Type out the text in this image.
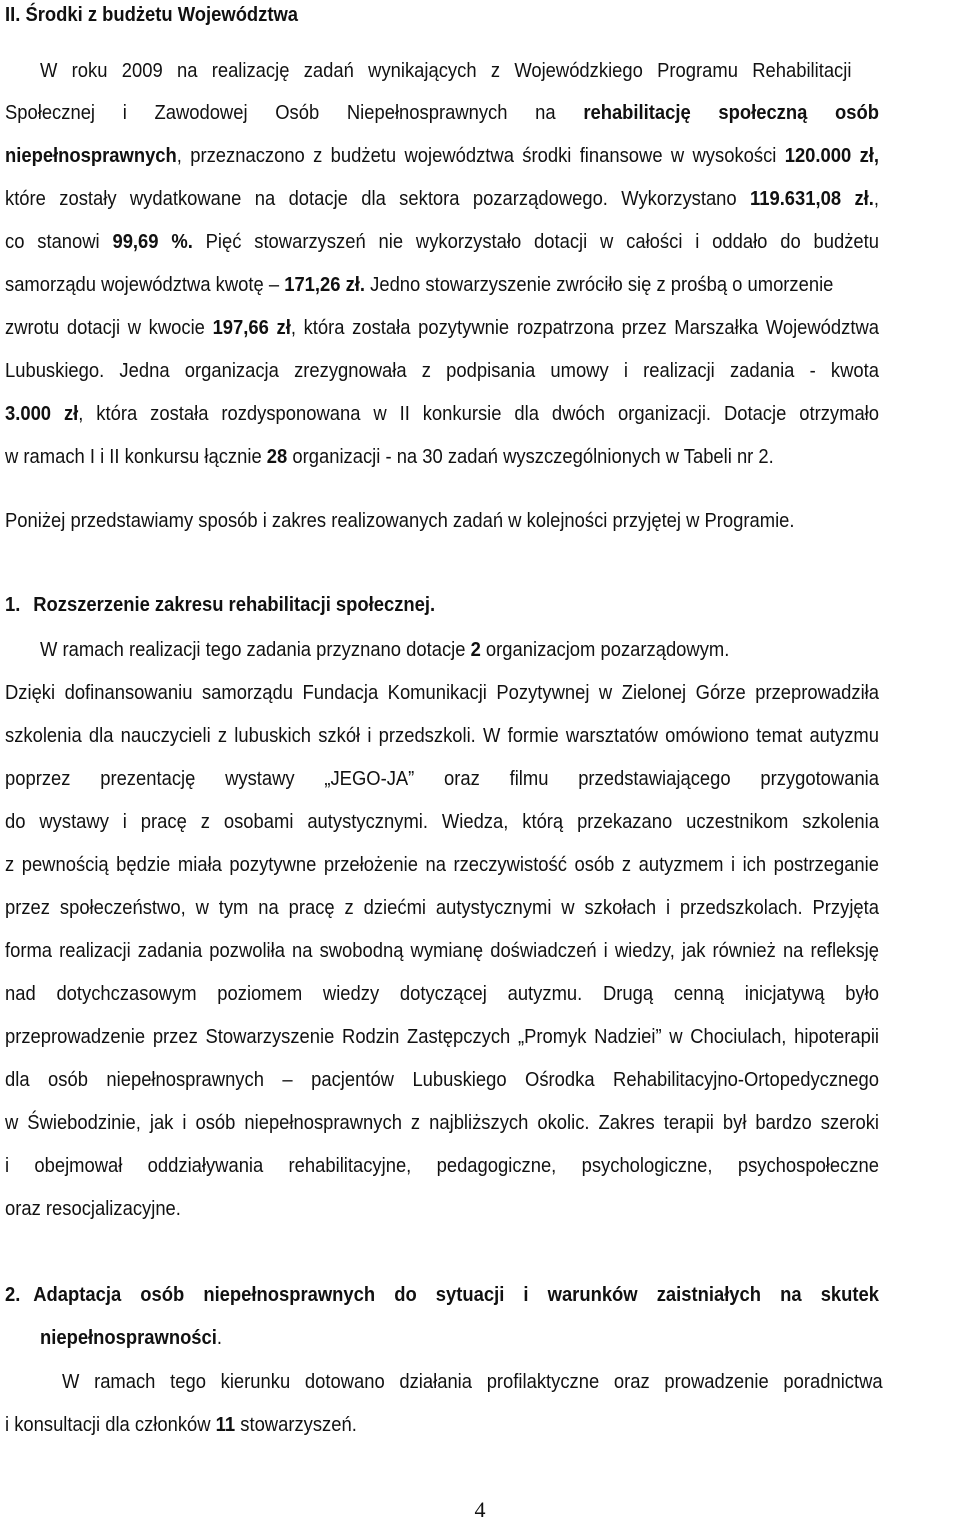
II. Środki z budżetu Województwa
W roku 2009 na realizację zadań wynikających z Wojewódzkiego Programu Rehabilitacji
Społecznej i Zawodowej Osób Niepełnosprawnych na rehabilitację społeczną osób
niepełnosprawnych, przeznaczono z budżetu województwa środki finansowe w wysokości 120.000 zł,
które zostały wydatkowane na dotacje dla sektora pozarządowego. Wykorzystano 119.631,08 zł.,
co stanowi 99,69 %. Pięć stowarzyszeń nie wykorzystało dotacji w całości i oddało do budżetu
samorządu województwa kwotę – 171,26 zł. Jedno stowarzyszenie zwróciło się z prośbą o umorzenie
zwrotu dotacji w kwocie 197,66 zł, która została pozytywnie rozpatrzona przez Marszałka Województwa
Lubuskiego. Jedna organizacja zrezygnowała z podpisania umowy i realizacji zadania - kwota
3.000 zł, która została rozdysponowana w II konkursie dla dwóch organizacji. Dotacje otrzymało
w ramach I i II konkursu łącznie 28 organizacji - na 30 zadań wyszczególnionych w Tabeli nr 2.
Poniżej przedstawiamy sposób i zakres realizowanych zadań w kolejności przyjętej w Programie.
1. Rozszerzenie zakresu rehabilitacji społecznej.
W ramach realizacji tego zadania przyznano dotacje 2 organizacjom pozarządowym.
Dzięki dofinansowaniu samorządu Fundacja Komunikacji Pozytywnej w Zielonej Górze przeprowadziła
szkolenia dla nauczycieli z lubuskich szkół i przedszkoli. W formie warsztatów omówiono temat autyzmu
poprzez prezentację wystawy „JEGO-JA” oraz filmu przedstawiającego przygotowania
do wystawy i pracę z osobami autystycznymi. Wiedza, którą przekazano uczestnikom szkolenia
z pewnością będzie miała pozytywne przełożenie na rzeczywistość osób z autyzmem i ich postrzeganie
przez społeczeństwo, w tym na pracę z dziećmi autystycznymi w szkołach i przedszkolach. Przyjęta
forma realizacji zadania pozwoliła na swobodną wymianę doświadczeń i wiedzy, jak również na refleksję
nad dotychczasowym poziomem wiedzy dotyczącej autyzmu. Drugą cenną inicjatywą było
przeprowadzenie przez Stowarzyszenie Rodzin Zastępczych „Promyk Nadziei” w Chociulach, hipoterapii
dla osób niepełnosprawnych – pacjentów Lubuskiego Ośrodka Rehabilitacyjno-Ortopedycznego
w Świebodzinie, jak i osób niepełnosprawnych z najbliższych okolic. Zakres terapii był bardzo szeroki
i obejmował oddziaływania rehabilitacyjne, pedagogiczne, psychologiczne, psychospołeczne
oraz resocjalizacyjne.
2. Adaptacja osób niepełnosprawnych do sytuacji i warunków zaistniałych na skutek
niepełnosprawności.
W ramach tego kierunku dotowano działania profilaktyczne oraz prowadzenie poradnictwa
i konsultacji dla członków 11 stowarzyszeń.
4
